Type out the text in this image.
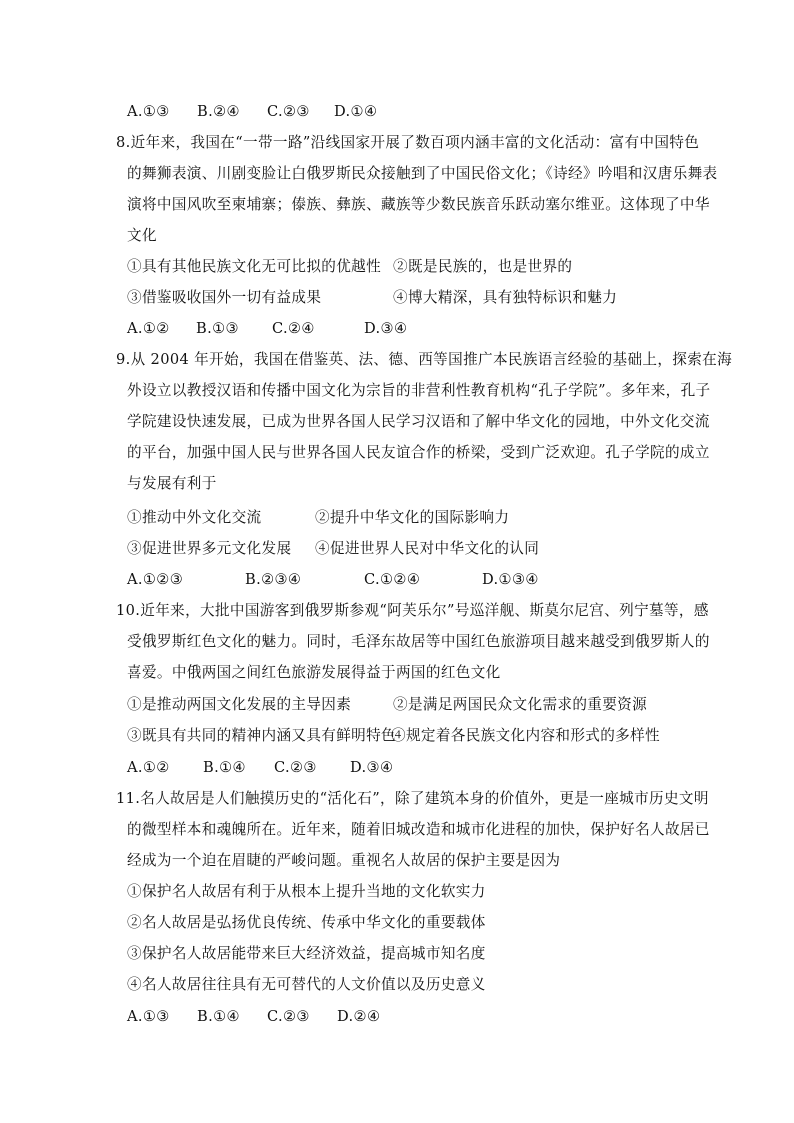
A.①③ B.②④ C.②③ D.①④
8.近年来，我国在“一带一路”沿线国家开展了数百项内涵丰富的文化活动：富有中国特色
的舞狮表演、川剧变脸让白俄罗斯民众接触到了中国民俗文化；《诗经》吟唱和汉唐乐舞表
演将中国风吹至柬埔寨；傣族、彝族、藏族等少数民族音乐跃动塞尔维亚。这体现了中华
文化
①具有其他民族文化无可比拟的优越性 ②既是民族的，也是世界的
③借鉴吸收国外一切有益成果	④博大精深，具有独特标识和魅力
A.①② B.①③ C.②④	D.③④
9.从 2004 年开始，我国在借鉴英、法、德、西等国推广本民族语言经验的基础上，探索在海
外设立以教授汉语和传播中国文化为宗旨的非营利性教育机构“孔子学院”。多年来，孔子
学院建设快速发展，已成为世界各国人民学习汉语和了解中华文化的园地，中外文化交流
的平台，加强中国人民与世界各国人民友谊合作的桥梁，受到广泛欢迎。孔子学院的成立
与发展有利于
①推动中外文化交流	②提升中华文化的国际影响力
③促进世界多元文化发展 ④促进世界人民对中华文化的认同
A.①②③	B.②③④	C.①②④	D.①③④
10.近年来，大批中国游客到俄罗斯参观“阿芙乐尔”号巡洋舰、斯莫尔尼宫、列宁墓等，感
受俄罗斯红色文化的魅力。同时，毛泽东故居等中国红色旅游项目越来越受到俄罗斯人的
喜爱。中俄两国之间红色旅游发展得益于两国的红色文化
①是推动两国文化发展的主导因素	②是满足两国民众文化需求的重要资源
③既具有共同的精神内涵又具有鲜明特色
④规定着各民族文化内容和形式的多样性
A.①② B.①④ C.②③ D.③④
11.名人故居是人们触摸历史的“活化石”，除了建筑本身的价值外，更是一座城市历史文明
的微型样本和魂魄所在。近年来，随着旧城改造和城市化进程的加快，保护好名人故居已
经成为一个迫在眉睫的严峻问题。重视名人故居的保护主要是因为
①保护名人故居有利于从根本上提升当地的文化软实力
②名人故居是弘扬优良传统、传承中华文化的重要载体
③保护名人故居能带来巨大经济效益，提高城市知名度
④名人故居往往具有无可替代的人文价值以及历史意义
A.①③ B.①④ C.②③ D.②④
